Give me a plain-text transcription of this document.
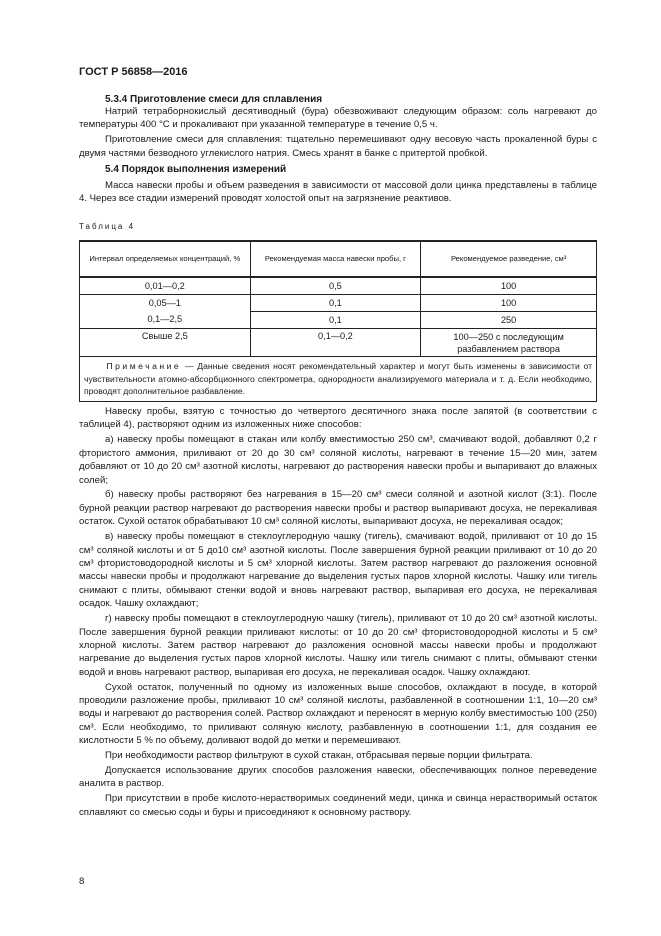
ГОСТ Р 56858—2016
5.3.4 Приготовление смеси для сплавления

Натрий тетраборнокислый десятиводный (бура) обезвоживают следующим образом: соль нагревают до температуры 400 °С и прокаливают при указанной температуре в течение 0,5 ч.

Приготовление смеси для сплавления: тщательно перемешивают одну весовую часть прокаленной буры с двумя частями безводного углекислого натрия. Смесь хранят в банке с притертой пробкой.

5.4 Порядок выполнения измерений

Масса навески пробы и объем разведения в зависимости от массовой доли цинка представлены в таблице 4. Через все стадии измерений проводят холостой опыт на загрязнение реактивов.

Таблица 4
Интервал определяемых концентраций, %	Рекомендуемая масса навески пробы, г	Рекомендуемое разведение, см³
0,01—0,2	0,5	100
0,05—1	0,1	100
0,1—2,5	0,1	250
Свыше 2,5	0,1—0,2	100—250 с последующим разбавлением раствора
Примечание — Данные сведения носят рекомендательный характер и могут быть изменены в зависимости от чувствительности атомно-абсорбционного спектрометра, однородности анализируемого материала и т. д. Если необходимо, проводят дополнительное разбавление.		

Навеску пробы, взятую с точностью до четвертого десятичного знака после запятой (в соответствии с таблицей 4), растворяют одним из изложенных ниже способов:

а) навеску пробы помещают в стакан или колбу вместимостью 250 см³, смачивают водой, добавляют 0,2 г фтористого аммония, приливают от 20 до 30 см³ соляной кислоты, нагревают в течение 15—20 мин, затем добавляют от 10 до 20 см³ азотной кислоты, нагревают до растворения навески пробы и выпаривают до влажных солей;

б) навеску пробы растворяют без нагревания в 15—20 см³ смеси соляной и азотной кислот (3:1). После бурной реакции раствор нагревают до растворения навески пробы и раствор выпаривают досуха, не перекаливая остаток. Сухой остаток обрабатывают 10 см³ соляной кислоты, выпаривают досуха, не перекаливая осадок;

в) навеску пробы помещают в стеклоуглеродную чашку (тигель), смачивают водой, приливают от 10 до 15 см³ соляной кислоты и от 5 до10 см³ азотной кислоты. После завершения бурной реакции приливают от 10 до 20 см³ фтористоводородной кислоты и 5 см³ хлорной кислоты. Затем раствор нагревают до разложения основной массы навески пробы и продолжают нагревание до выделения густых паров хлорной кислоты. Чашку или тигель снимают с плиты, обмывают стенки водой и вновь нагревают раствор, выпаривая его досуха, не перекаливая осадок. Чашку охлаждают;

г) навеску пробы помещают в стеклоуглеродную чашку (тигель), приливают от 10 до 20 см³ азотной кислоты. После завершения бурной реакции приливают кислоты: от 10 до 20 см³ фтористоводородной кислоты и 5 см³ хлорной кислоты. Затем раствор нагревают до разложения основной массы навески пробы и продолжают нагревание до выделения густых паров хлорной кислоты. Чашку или тигель снимают с плиты, обмывают стенки водой и вновь нагревают раствор, выпаривая его досуха, не перекаливая осадок. Чашку охлаждают.

Сухой остаток, полученный по одному из изложенных выше способов, охлаждают в посуде, в которой проводили разложение пробы, приливают 10 см³ соляной кислоты, разбавленной в соотношении 1:1, 10—20 см³ воды и нагревают до растворения солей. Раствор охлаждают и переносят в мерную колбу вместимостью 100 (250) см³. Если необходимо, то приливают соляную кислоту, разбавленную в соотношении 1:1, для создания ее кислотности 5 % по объему, доливают водой до метки и перемешивают.

При необходимости раствор фильтруют в сухой стакан, отбрасывая первые порции фильтрата.

Допускается использование других способов разложения навески, обеспечивающих полное переведение аналита в раствор.

При присутствии в пробе кислото-нерастворимых соединений меди, цинка и свинца нерастворимый остаток сплавляют со смесью соды и буры и присоединяют к основному раствору.

8
